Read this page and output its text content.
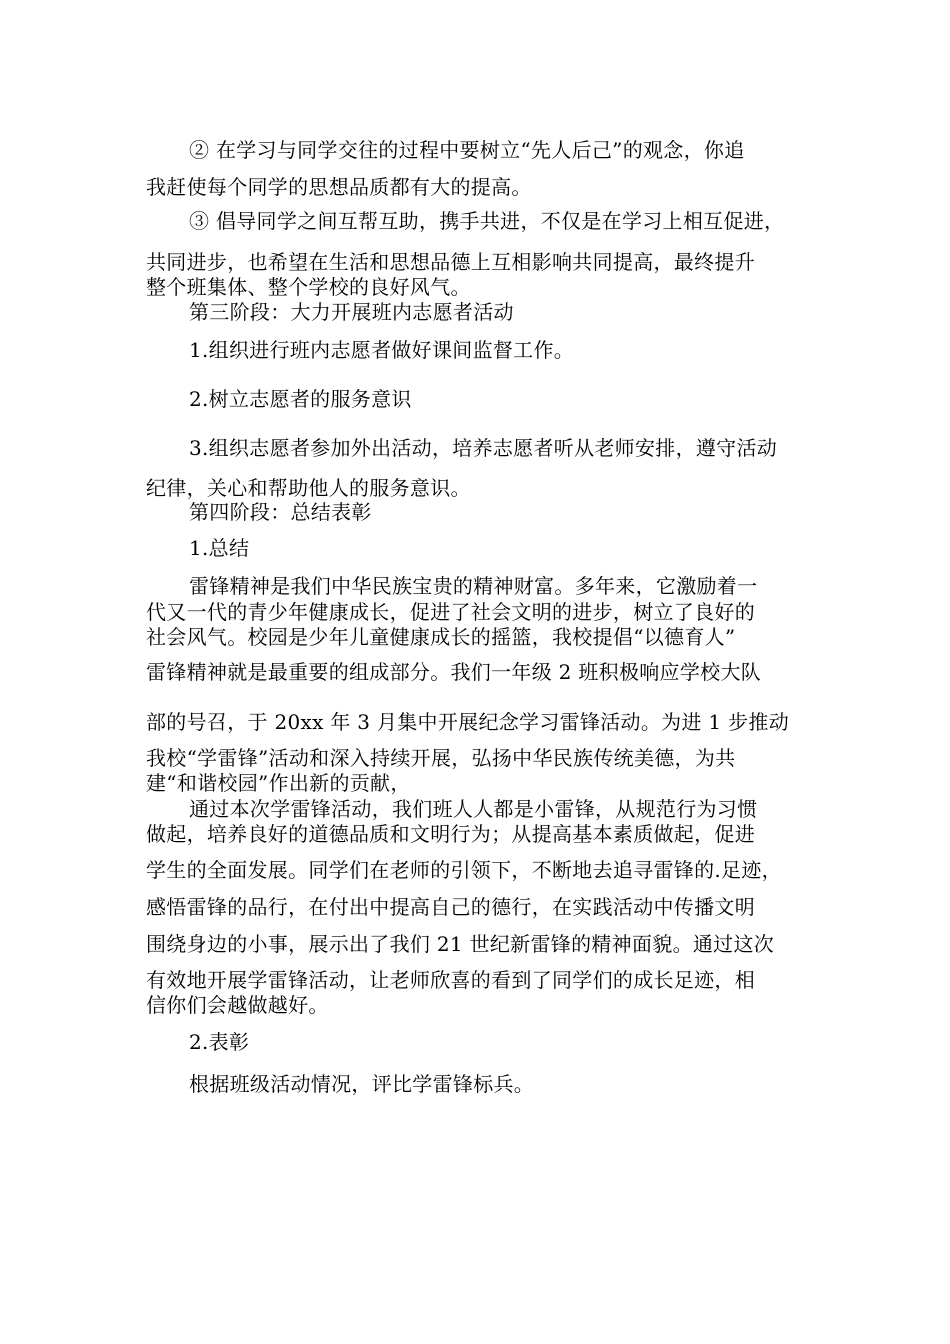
② 在学习与同学交往的过程中要树立“先人后己”的观念，你追
我赶使每个同学的思想品质都有大的提高。
③ 倡导同学之间互帮互助，携手共进，不仅是在学习上相互促进，
共同进步，也希望在生活和思想品德上互相影响共同提高，最终提升
整个班集体、整个学校的良好风气。
第三阶段：大力开展班内志愿者活动
1.组织进行班内志愿者做好课间监督工作。
2.树立志愿者的服务意识
3.组织志愿者参加外出活动，培养志愿者听从老师安排，遵守活动
纪律，关心和帮助他人的服务意识。
第四阶段：总结表彰
1.总结
雷锋精神是我们中华民族宝贵的精神财富。多年来，它激励着一
代又一代的青少年健康成长，促进了社会文明的进步，树立了良好的
社会风气。校园是少年儿童健康成长的摇篮，我校提倡“以德育人”
雷锋精神就是最重要的组成部分。我们一年级 2 班积极响应学校大队
部的号召，于 20xx 年 3 月集中开展纪念学习雷锋活动。为进 1 步推动
我校“学雷锋”活动和深入持续开展，弘扬中华民族传统美德，为共
建“和谐校园”作出新的贡献，
通过本次学雷锋活动，我们班人人都是小雷锋，从规范行为习惯
做起，培养良好的道德品质和文明行为；从提高基本素质做起，促进
学生的全面发展。同学们在老师的引领下，不断地去追寻雷锋的.足迹，
感悟雷锋的品行，在付出中提高自己的德行，在实践活动中传播文明
围绕身边的小事，展示出了我们 21 世纪新雷锋的精神面貌。通过这次
有效地开展学雷锋活动，让老师欣喜的看到了同学们的成长足迹，相
信你们会越做越好。
2.表彰
根据班级活动情况，评比学雷锋标兵。
